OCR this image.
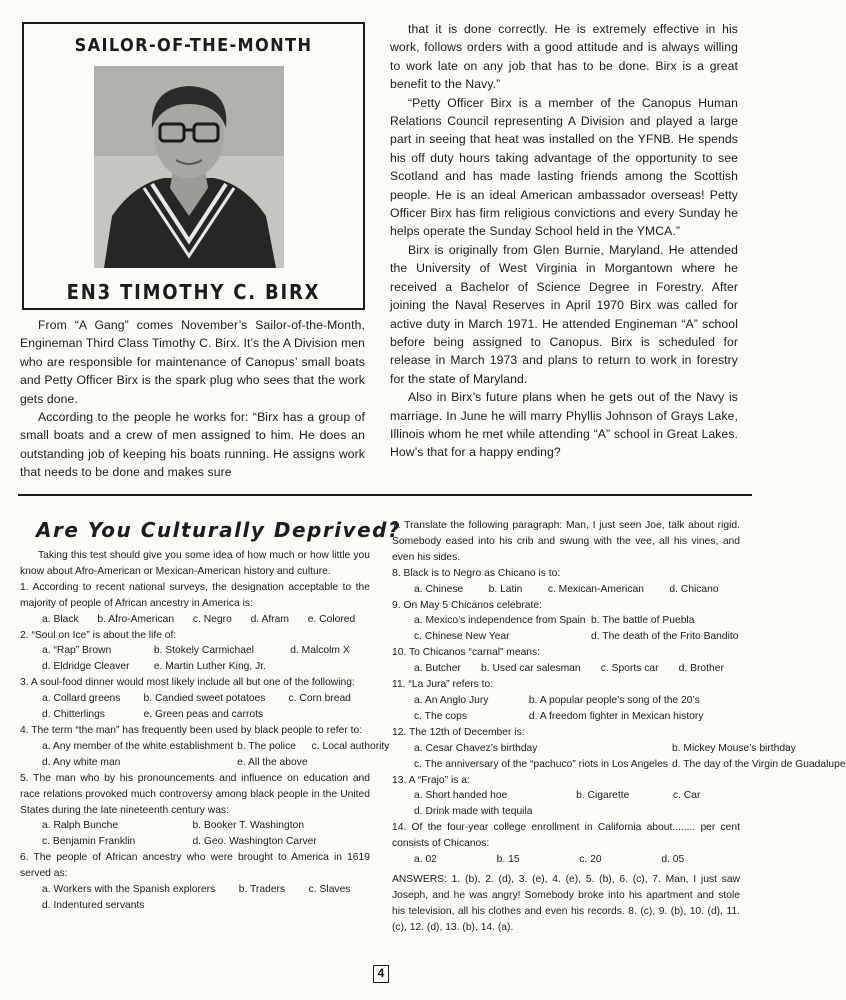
SAILOR-OF-THE-MONTH
EN3 TIMOTHY C. BIRX

From “A Gang” comes November’s Sailor-of-the-Month, Engineman Third Class Timothy C. Birx. It’s the A Division men who are responsible for maintenance of Canopus’ small boats and Petty Officer Birx is the spark plug who sees that the work gets done.

According to the people he works for: “Birx has a group of small boats and a crew of men assigned to him. He does an outstanding job of keeping his boats running. He assigns work that needs to be done and makes sure

that it is done correctly. He is extremely effective in his work, follows orders with a good attitude and is always willing to work late on any job that has to be done. Birx is a great benefit to the Navy.”

“Petty Officer Birx is a member of the Canopus Human Relations Council representing A Division and played a large part in seeing that heat was installed on the YFNB. He spends his off duty hours taking advantage of the opportunity to see Scotland and has made lasting friends among the Scottish people. He is an ideal American ambassador overseas! Petty Officer Birx has firm religious convictions and every Sunday he helps operate the Sunday School held in the YMCA.”

Birx is originally from Glen Burnie, Maryland. He attended the University of West Virginia in Morgantown where he received a Bachelor of Science Degree in Forestry. After joining the Naval Reserves in April 1970 Birx was called for active duty in March 1971. He attended Engineman “A” school before being assigned to Canopus. Birx is scheduled for release in March 1973 and plans to return to work in forestry for the state of Maryland.

Also in Birx’s future plans when he gets out of the Navy is marriage. In June he will marry Phyllis Johnson of Grays Lake, Illinois whom he met while attending “A” school in Great Lakes. How’s that for a happy ending?

Are You Culturally Deprived?

Taking this test should give you some idea of how much or how little you know about Afro-American or Mexican-American history and culture.

1. According to recent national surveys, the designation acceptable to the majority of people of African ancestry in America is:

a. Black	b. Afro-American	c. Negro	d. Afram	e. Colored

2. “Soul on Ice” is about the life of:

a. “Rap” Brown	b. Stokely Carmichael	d. Malcolm X
d. Eldridge Cleaver	e. Martin Luther King, Jr.

3. A soul-food dinner would most likely include all but one of the following:

a. Collard greens	b. Candied sweet potatoes	c. Corn bread
d. Chitterlings	e. Green peas and carrots

4. The term “the man” has frequently been used by black people to refer to:

a. Any member of the white establishment b. The police	c. Local authority
d. Any white man	e. All the above

5. The man who by his pronouncements and influence on education and race relations provoked much controversy among black people in the United States during the late nineteenth century was:

a. Ralph Bunche	b. Booker T. Washington
c. Benjamin Franklin	d. Geo. Washington Carver

6. The people of African ancestry who were brought to America in 1619 served as:

a. Workers with the Spanish explorers	b. Traders	c. Slaves
d. Indentured servants

7. Translate the following paragraph: Man, I just seen Joe, talk about rigid. Somebody eased into his crib and swung with the vee, all his vines, and even his sides.

8. Black is to Negro as Chicano is to:

a. Chinese	b. Latin	c. Mexican-American	d. Chicano

9. On May 5 Chicanos celebrate:

a. Mexico’s independence from Spain b. The battle of Puebla
c. Chinese New Year	d. The death of the Frito Bandito

10. To Chicanos “carnal” means:

a. Butcher	b. Used car salesman	c. Sports car	d. Brother

11. “La Jura” refers to:

a. An Anglo Jury	b. A popular people’s song of the 20’s
c. The cops	d. A freedom fighter in Mexican history

12. The 12th of December is:

a. Cesar Chavez’s birthday	b. Mickey Mouse’s birthday
c. The anniversary of the “pachuco” riots in Los Angeles d. The day of the Virgin de Guadalupe

13. A “Frajo” is a:

a. Short handed hoe	b. Cigarette	c. Car
d. Drink made with tequila

14. Of the four-year college enrollment in California about........ per cent consists of Chicanos:

a. 02	b. 15	c. 20	d. 05

ANSWERS: 1. (b), 2. (d), 3. (e), 4. (e), 5. (b), 6. (c), 7. Man, I just saw Joseph, and he was angry! Somebody broke into his apartment and stole his television, all his clothes and even his records. 8. (c), 9. (b), 10. (d), 11. (c), 12. (d), 13. (b), 14. (a).

4
